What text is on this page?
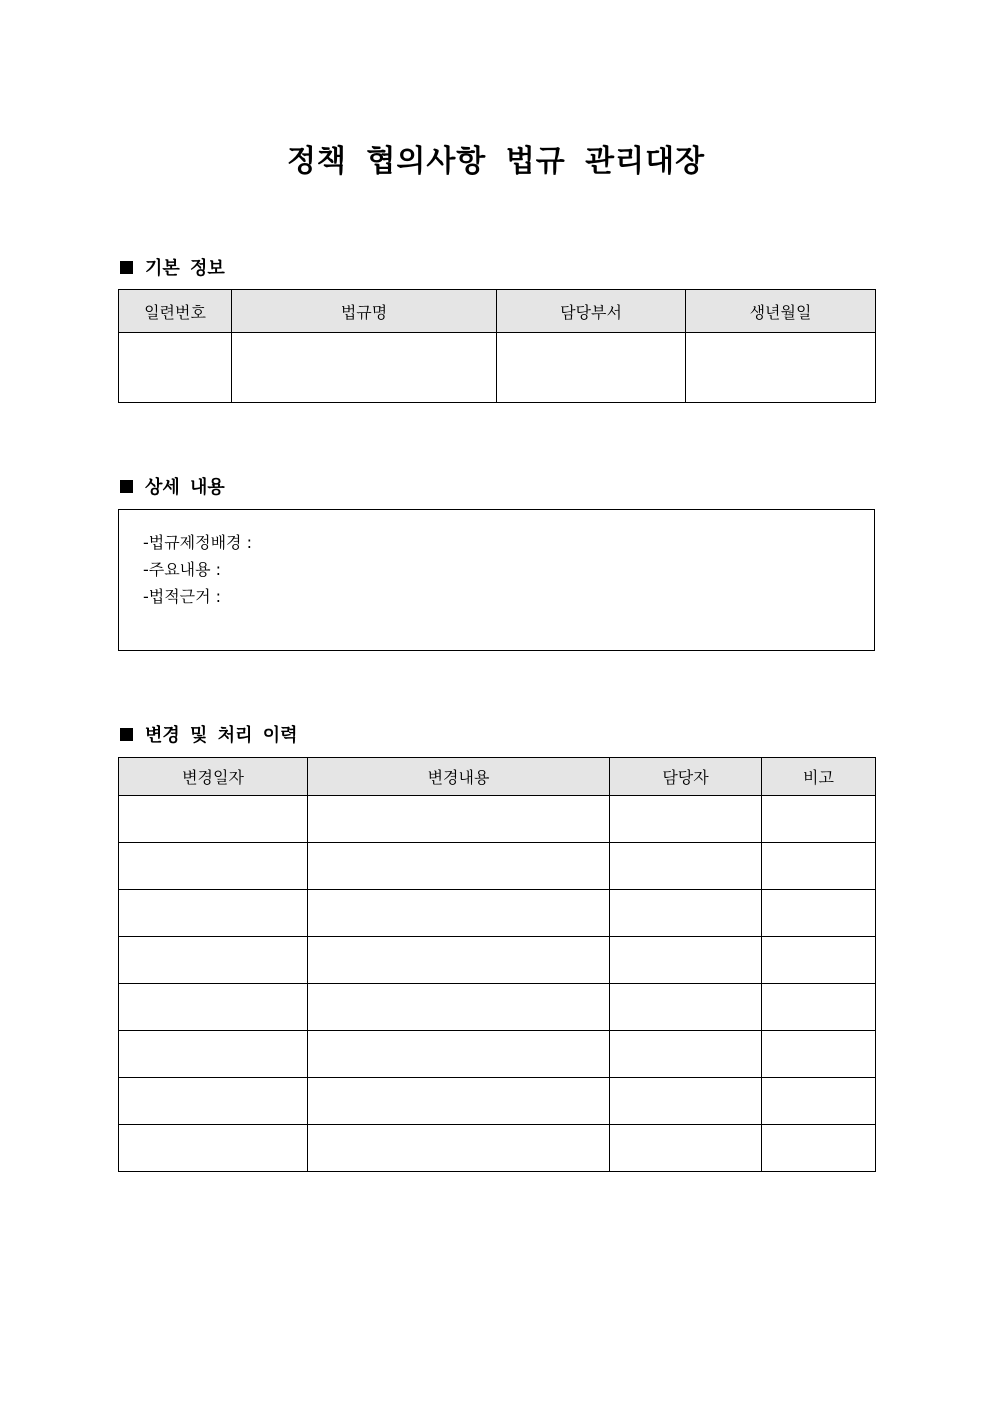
정책 협의사항 법규 관리대장
기본 정보
일련번호	법규명	담당부서	생년월일

상세 내용
-법규제정배경 :
-주요내용 :
-법적근거 :
변경 및 처리 이력
변경일자	변경내용	담당자	비고
